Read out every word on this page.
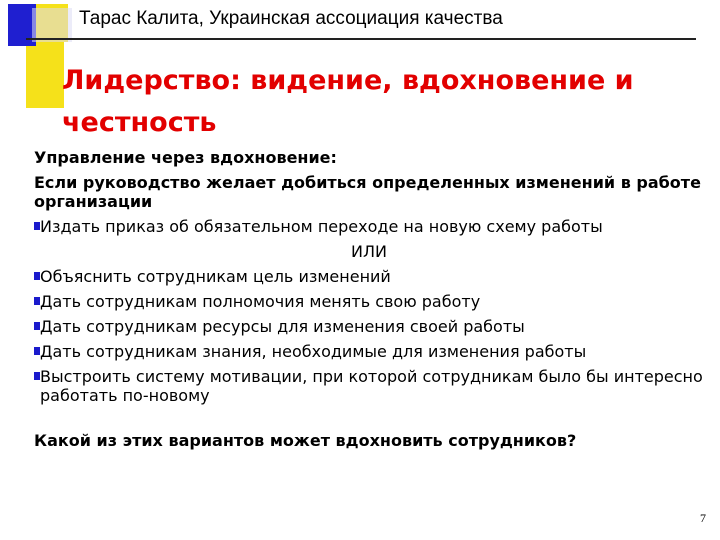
Тарас Калита, Украинская ассоциация качества
Лидерство: видение, вдохновение и честность

Управление через вдохновение:

Если руководство желает добиться определенных изменений в работе организации

Издать приказ об обязательном переходе на новую схему работы
ИЛИ
Объяснить сотрудникам цель изменений
Дать сотрудникам полномочия менять свою работу
Дать сотрудникам ресурсы для изменения своей работы
Дать сотрудникам знания, необходимые для изменения работы
Выстроить систему мотивации, при которой сотрудникам было бы интересно работать по-новому

Какой из этих вариантов может вдохновить сотрудников?

7
